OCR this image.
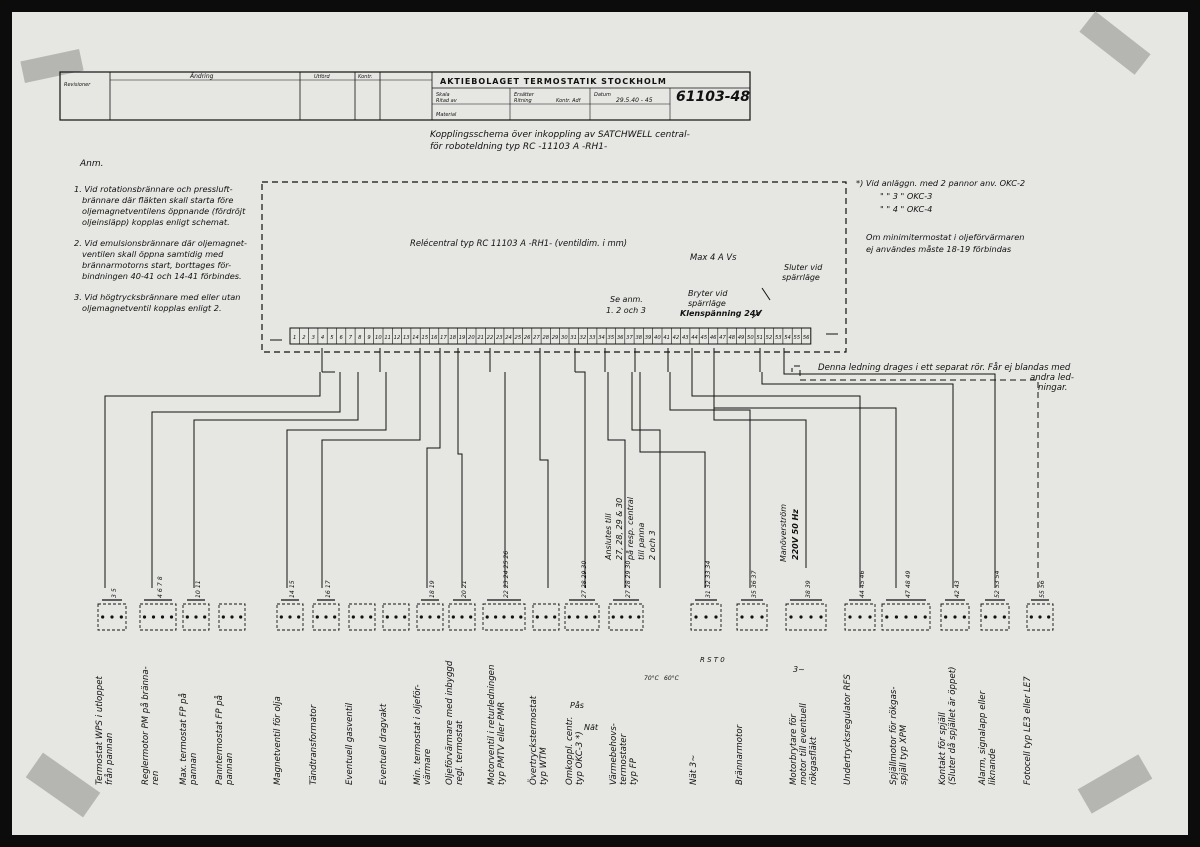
Revisioner
Ändring	Utförd	Kontr.	AKTIEBOLAGET TERMOSTATIK STOCKHOLM
Skala	Ersätter	Datum
Ritad av	Ritning	Kontr. Adf	29.5.40 - 45
Material
61103-48
Kopplingsschema över inkoppling av SATCHWELL central-
för roboteldning typ RC -11103 A -RH1-
Anm.
1. Vid rotationsbrännare och pressluft-
brännare där fläkten skall starta före
oljemagnetventilens öppnande (fördröjt
oljeinsläpp) kopplas enligt schemat.
2. Vid emulsionsbrännare där oljemagnet-
ventilen skall öppna samtidig med
brännarmotorns start, borttages för-
bindningen 40-41 och 14-41 förbindes.
3. Vid högtrycksbrännare med eller utan
oljemagnetventil kopplas enligt 2.
*) Vid anläggn. med 2 pannor anv. OKC-2
" " 3 " OKC-3
" " 4 " OKC-4
Om minimitermostat i oljeförvärmaren
ej användes måste 18-19 förbindas
Relécentral typ RC 11103 A -RH1- (ventildim. i mm)
Max 4 A Vs
Sluter vid
spärrläge
Bryter vid
spärrläge
Klenspänning 24V
Se anm.
1. 2 och 3
1 2 3 4 5 6 7 8 9 10 11 12 13 14 15 16 17 18 19 20 21 22 23 24 25 26 27 28 29 30 31 32 33 34 35 36 37 38 39 40 41 42 43 44 45 46 47 48 49 50 51 52 53 54 55 56
Denna ledning drages i ett separat rör. Får ej blandas med
andra led-
ningar.
Anslutes till 27, 28, 29 & 30 på resp. central till panna 2 och 3	Manöverström 220V 50 Hz
3 5
Termostat WPS i utloppet från pannan
4 6 7 8
Reglermotor PM på bränna- ren
10 11
Max. termostat FP på pannan Panntermostat FP på pannan
14 15
Magnetventil för olja
16 17
Tändtransformator	Eventuell gasventil	Eventuell dragvakt
18 19
Min. termostat i oljeför- värmare
20 21
Oljeförvärmare med inbyggd regl. termostat
22 23 24 25 26
Motorventil i returledningen typ PMTV eller PMR	Övertryckstermostat typ WTM
27 28 29 30
Omkoppl. centr. typ OKC-3 *)
27 28 29 30
Värmebehovs- termostater typ FP
31 32 33 34
Nät 3~
35 36 37
Brännarmotor
38 39
Motorbrytare för motor till eventuell rökgasfläkt
44 45 46
Undertrycksregulator RFS
47 48 49
Spjällmotor för rökgas- spjäll typ XPM
42 43
Kontakt för spjäll (Sluter då spjället är öppet)
52 53 54
Alarm, signalapp eller liknande
55 56
Fotocell typ LE3 eller LE7
Pås
Nät
R S T 0
3~
70°C 60°C
